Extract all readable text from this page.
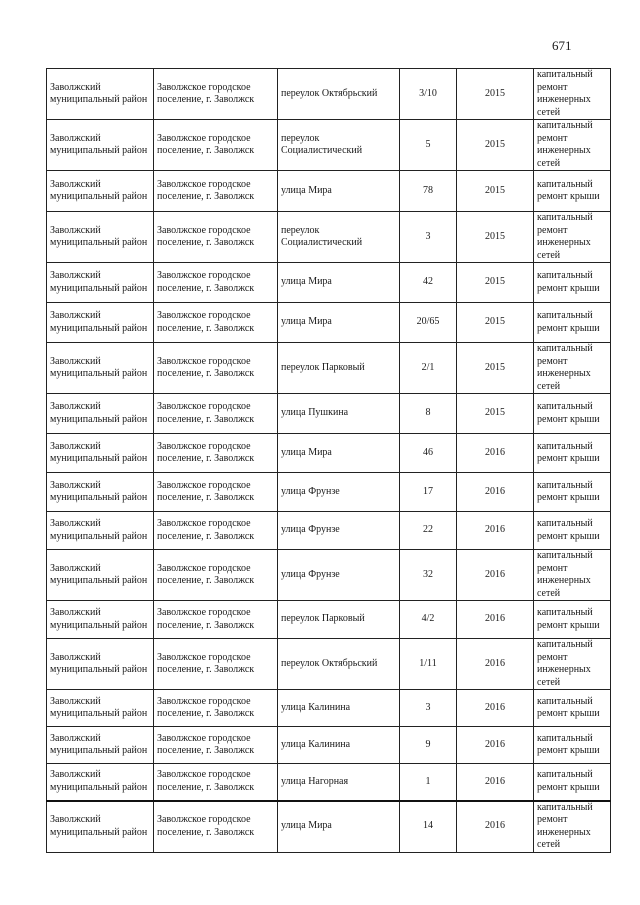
671
Заволжский муниципальный район	Заволжское городское поселение, г. Заволжск	переулок Октябрьский	3/10	2015	капитальный ремонт инженерных сетей
Заволжский муниципальный район	Заволжское городское поселение, г. Заволжск	переулок Социалистический	5	2015	капитальный ремонт инженерных сетей
Заволжский муниципальный район	Заволжское городское поселение, г. Заволжск	улица Мира	78	2015	капитальный ремонт крыши
Заволжский муниципальный район	Заволжское городское поселение, г. Заволжск	переулок Социалистический	3	2015	капитальный ремонт инженерных сетей
Заволжский муниципальный район	Заволжское городское поселение, г. Заволжск	улица Мира	42	2015	капитальный ремонт крыши
Заволжский муниципальный район	Заволжское городское поселение, г. Заволжск	улица Мира	20/65	2015	капитальный ремонт крыши
Заволжский муниципальный район	Заволжское городское поселение, г. Заволжск	переулок Парковый	2/1	2015	капитальный ремонт инженерных сетей
Заволжский муниципальный район	Заволжское городское поселение, г. Заволжск	улица Пушкина	8	2015	капитальный ремонт крыши
Заволжский муниципальный район	Заволжское городское поселение, г. Заволжск	улица Мира	46	2016	капитальный ремонт крыши
Заволжский муниципальный район	Заволжское городское поселение, г. Заволжск	улица Фрунзе	17	2016	капитальный ремонт крыши
Заволжский муниципальный район	Заволжское городское поселение, г. Заволжск	улица Фрунзе	22	2016	капитальный ремонт крыши
Заволжский муниципальный район	Заволжское городское поселение, г. Заволжск	улица Фрунзе	32	2016	капитальный ремонт инженерных сетей
Заволжский муниципальный район	Заволжское городское поселение, г. Заволжск	переулок Парковый	4/2	2016	капитальный ремонт крыши
Заволжский муниципальный район	Заволжское городское поселение, г. Заволжск	переулок Октябрьский	1/11	2016	капитальный ремонт инженерных сетей
Заволжский муниципальный район	Заволжское городское поселение, г. Заволжск	улица Калинина	3	2016	капитальный ремонт крыши
Заволжский муниципальный район	Заволжское городское поселение, г. Заволжск	улица Калинина	9	2016	капитальный ремонт крыши
Заволжский муниципальный район	Заволжское городское поселение, г. Заволжск	улица Нагорная	1	2016	капитальный ремонт крыши
Заволжский муниципальный район	Заволжское городское поселение, г. Заволжск	улица Мира	14	2016	капитальный ремонт инженерных сетей
